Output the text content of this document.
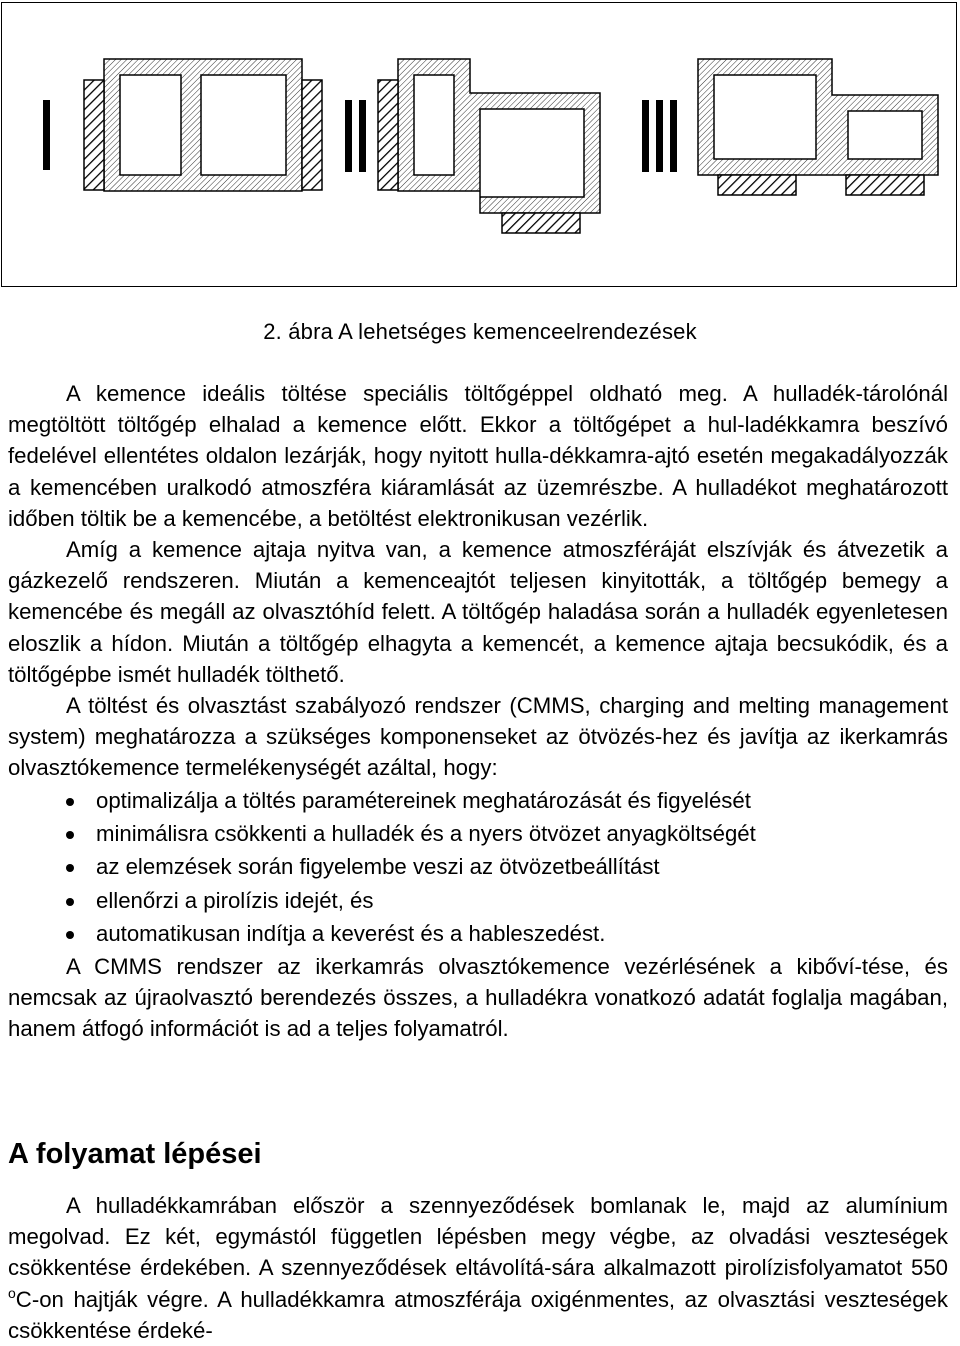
II	III
2. ábra A lehetséges kemenceelrendezések

A kemence ideális töltése speciális töltőgéppel oldható meg. A hulladék-tárolónál megtöltött töltőgép elhalad a kemence előtt. Ekkor a töltőgépet a hul-ladékkamra beszívó fedelével ellentétes oldalon lezárják, hogy nyitott hulla-dékkamra-ajtó esetén megakadályozzák a kemencében uralkodó atmoszféra kiáramlását az üzemrészbe. A hulladékot meghatározott időben töltik be a kemencébe, a betöltést elektronikusan vezérlik.

Amíg a kemence ajtaja nyitva van, a kemence atmoszféráját elszívják és átvezetik a gázkezelő rendszeren. Miután a kemenceajtót teljesen kinyitották, a töltőgép bemegy a kemencébe és megáll az olvasztóhíd felett. A töltőgép haladása során a hulladék egyenletesen eloszlik a hídon. Miután a töltőgép elhagyta a kemencét, a kemence ajtaja becsukódik, és a töltőgépbe ismét hulladék tölthető.

A töltést és olvasztást szabályozó rendszer (CMMS, charging and melting management system) meghatározza a szükséges komponenseket az ötvözés-hez és javítja az ikerkamrás olvasztókemence termelékenységét azáltal, hogy:

optimalizálja a töltés paramétereinek meghatározását és figyelését
minimálisra csökkenti a hulladék és a nyers ötvözet anyagköltségét
az elemzések során figyelembe veszi az ötvözetbeállítást
ellenőrzi a pirolízis idejét, és
automatikusan indítja a keverést és a hableszedést.

A CMMS rendszer az ikerkamrás olvasztókemence vezérlésének a kibőví-tése, és nemcsak az újraolvasztó berendezés összes, a hulladékra vonatkozó adatát foglalja magában, hanem átfogó információt is ad a teljes folyamatról.

A folyamat lépései

A hulladékkamrában először a szennyeződések bomlanak le, majd az alumínium megolvad. Ez két, egymástól független lépésben megy végbe, az olvadási veszteségek csökkentése érdekében. A szennyeződések eltávolítá-sára alkalmazott pirolízisfolyamatot 550 $^o$C-on hajtják végre. A hulladékkamra atmoszférája oxigénmentes, az olvasztási veszteségek csökkentése érdeké-
